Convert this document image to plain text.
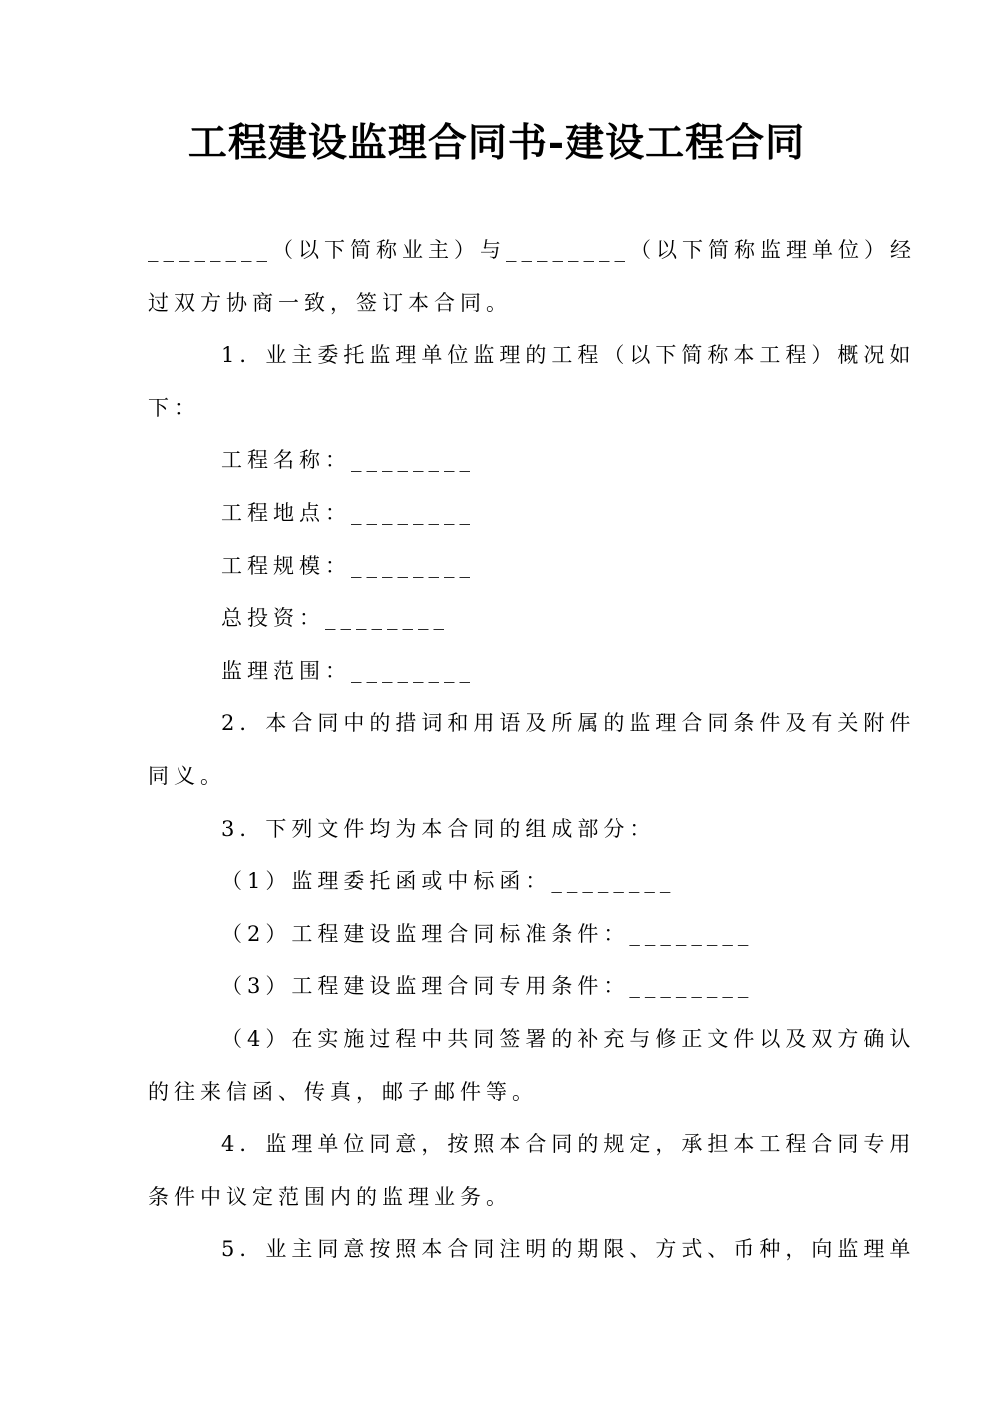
工程建设监理合同书-建设工程合同
________（以下简称业主）与________（以下简称监理单位）经
过双方协商一致，签订本合同。
1．业主委托监理单位监理的工程（以下简称本工程）概况如
下：
工程名称：________
工程地点：________
工程规模：________
总投资：________
监理范围：________
2．本合同中的措词和用语及所属的监理合同条件及有关附件
同义。
3．下列文件均为本合同的组成部分：
（1）监理委托函或中标函：________
（2）工程建设监理合同标准条件：________
（3）工程建设监理合同专用条件：________
（4）在实施过程中共同签署的补充与修正文件以及双方确认
的往来信函、传真，邮子邮件等。
4．监理单位同意，按照本合同的规定，承担本工程合同专用
条件中议定范围内的监理业务。
5．业主同意按照本合同注明的期限、方式、币种，向监理单
